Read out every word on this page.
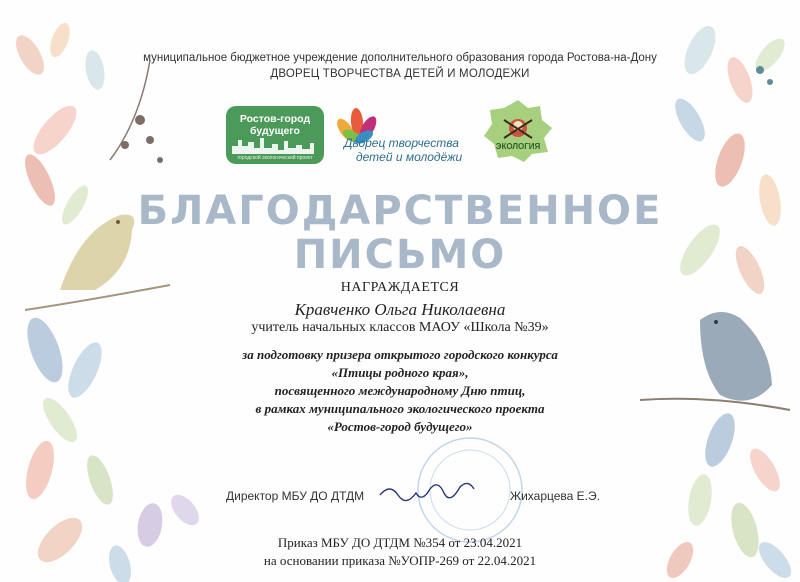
муниципальное бюджетное учреждение дополнительного образования города Ростова-на-Дону
ДВОРЕЦ ТВОРЧЕСТВА ДЕТЕЙ И МОЛОДЕЖИ
Ростов-город
будущего
городской экологический проект
Дворец творчества
детей и молодёжи
ЭКОЛОГИЯ
БЛАГОДАРСТВЕННОЕ
ПИСЬМО
НАГРАЖДАЕТСЯ
Кравченко Ольга Николаевна
учитель начальных классов МАОУ «Школа №39»
за подготовку призера открытого городского конкурса
«Птицы родного края»,
посвященного международному Дню птиц,
в рамках муниципального экологического проекта
«Ростов-город будущего»
Директор МБУ ДО ДТДМ	Жихарцева Е.Э.
Приказ МБУ ДО ДТДМ №354 от 23.04.2021
на основании приказа №УОПР-269 от 22.04.2021
